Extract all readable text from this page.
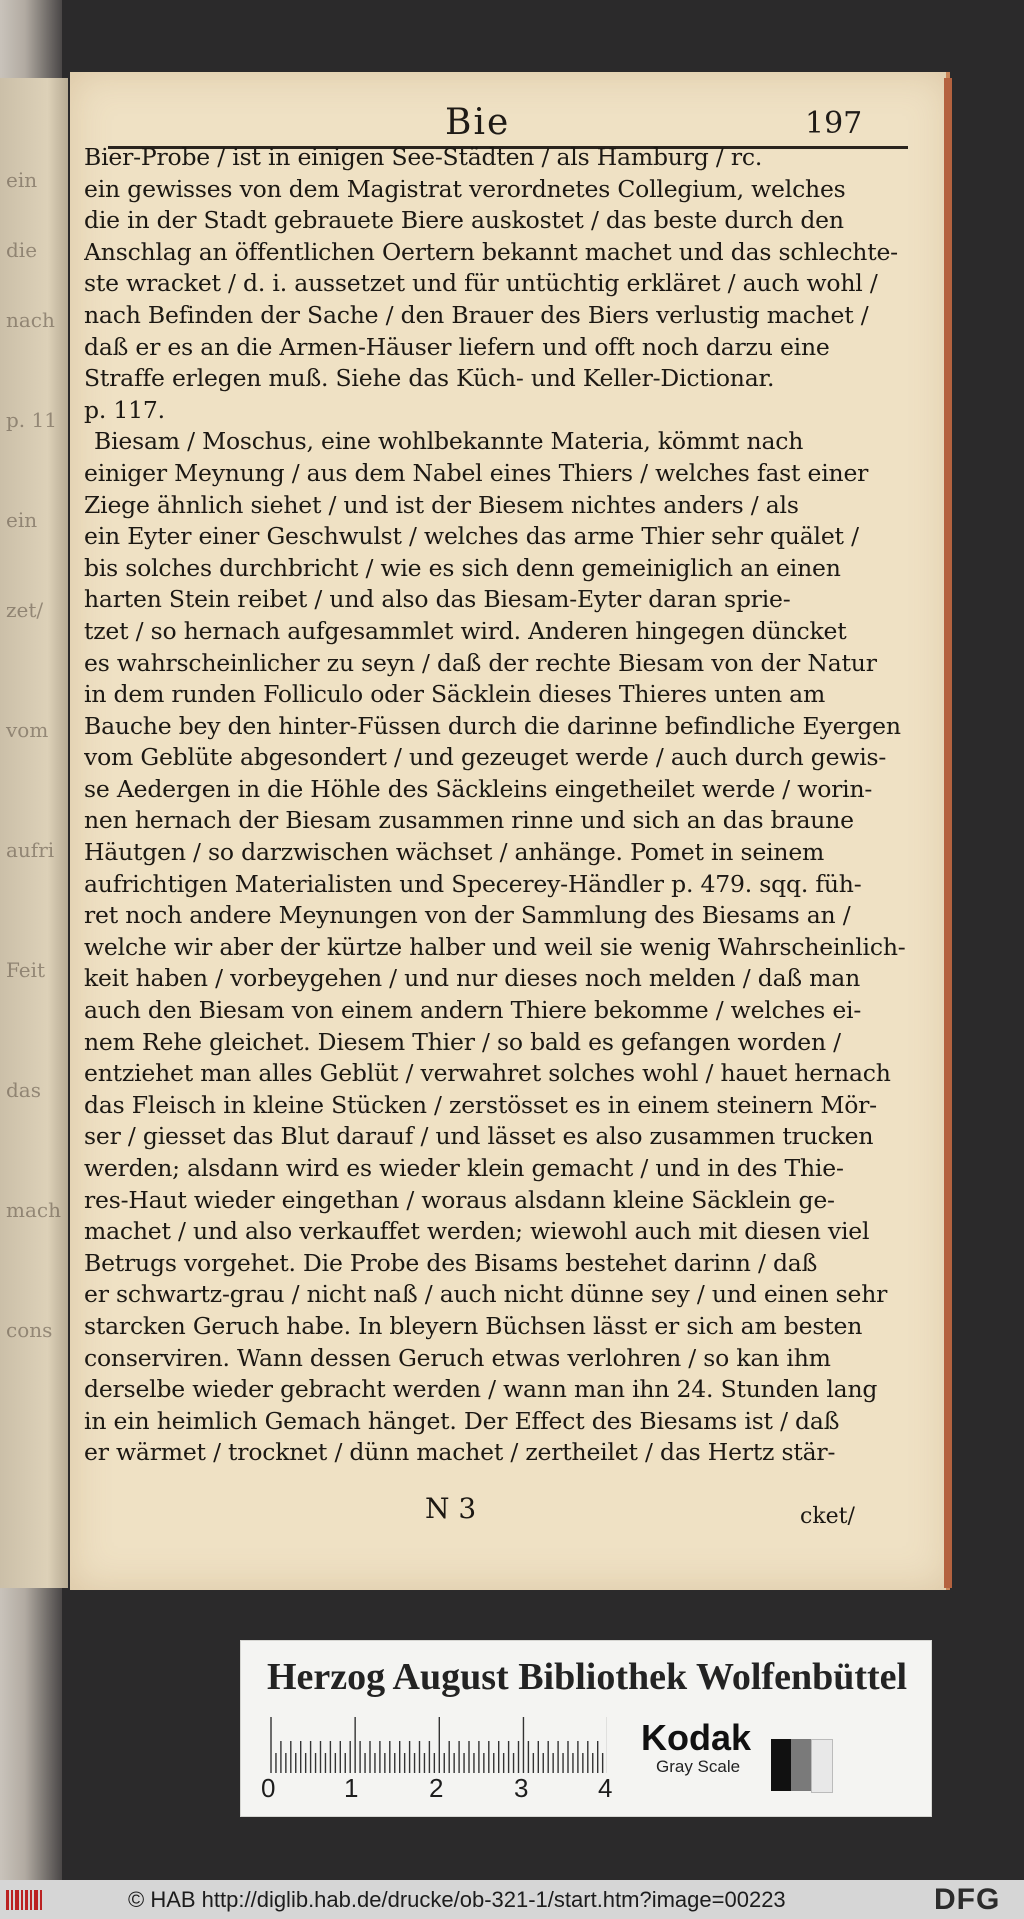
ein
die
nach
p. 11
ein
zet/
vom
aufri
Feit
das
mach
cons
Bie	197
Bier-Probe / ist in einigen See-Städten / als Hamburg / rc.
ein gewisses von dem Magistrat verordnetes Collegium, welches
die in der Stadt gebrauete Biere auskostet / das beste durch den
Anschlag an öffentlichen Oertern bekannt machet und das schlechte-
ste wracket / d. i. aussetzet und für untüchtig erkläret / auch wohl /
nach Befinden der Sache / den Brauer des Biers verlustig machet /
daß er es an die Armen-Häuser liefern und offt noch darzu eine
Straffe erlegen muß. Siehe das Küch- und Keller-Dictionar.
p. 117.
Biesam / Moschus, eine wohlbekannte Materia, kömmt nach
einiger Meynung / aus dem Nabel eines Thiers / welches fast einer
Ziege ähnlich siehet / und ist der Biesem nichtes anders / als
ein Eyter einer Geschwulst / welches das arme Thier sehr quälet /
bis solches durchbricht / wie es sich denn gemeiniglich an einen
harten Stein reibet / und also das Biesam-Eyter daran sprie-
tzet / so hernach aufgesammlet wird. Anderen hingegen düncket
es wahrscheinlicher zu seyn / daß der rechte Biesam von der Natur
in dem runden Folliculo oder Säcklein dieses Thieres unten am
Bauche bey den hinter-Füssen durch die darinne befindliche Eyergen
vom Geblüte abgesondert / und gezeuget werde / auch durch gewis-
se Aedergen in die Höhle des Säckleins eingetheilet werde / worin-
nen hernach der Biesam zusammen rinne und sich an das braune
Häutgen / so darzwischen wächset / anhänge. Pomet in seinem
aufrichtigen Materialisten und Specerey-Händler p. 479. sqq. füh-
ret noch andere Meynungen von der Sammlung des Biesams an /
welche wir aber der kürtze halber und weil sie wenig Wahrscheinlich-
keit haben / vorbeygehen / und nur dieses noch melden / daß man
auch den Biesam von einem andern Thiere bekomme / welches ei-
nem Rehe gleichet. Diesem Thier / so bald es gefangen worden /
entziehet man alles Geblüt / verwahret solches wohl / hauet hernach
das Fleisch in kleine Stücken / zerstösset es in einem steinern Mör-
ser / giesset das Blut darauf / und lässet es also zusammen trucken
werden; alsdann wird es wieder klein gemacht / und in des Thie-
res-Haut wieder eingethan / woraus alsdann kleine Säcklein ge-
machet / und also verkauffet werden; wiewohl auch mit diesen viel
Betrugs vorgehet. Die Probe des Bisams bestehet darinn / daß
er schwartz-grau / nicht naß / auch nicht dünne sey / und einen sehr
starcken Geruch habe. In bleyern Büchsen lässt er sich am besten
conserviren. Wann dessen Geruch etwas verlohren / so kan ihm
derselbe wieder gebracht werden / wann man ihn 24. Stunden lang
in ein heimlich Gemach hänget. Der Effect des Biesams ist / daß
er wärmet / trocknet / dünn machet / zertheilet / das Hertz stär-
N 3	cket/
Herzog August Bibliothek Wolfenbüttel
0	1	2	3	4
Kodak
Gray Scale
© HAB http://diglib.hab.de/drucke/ob-321-1/start.htm?image=00223	DFG
